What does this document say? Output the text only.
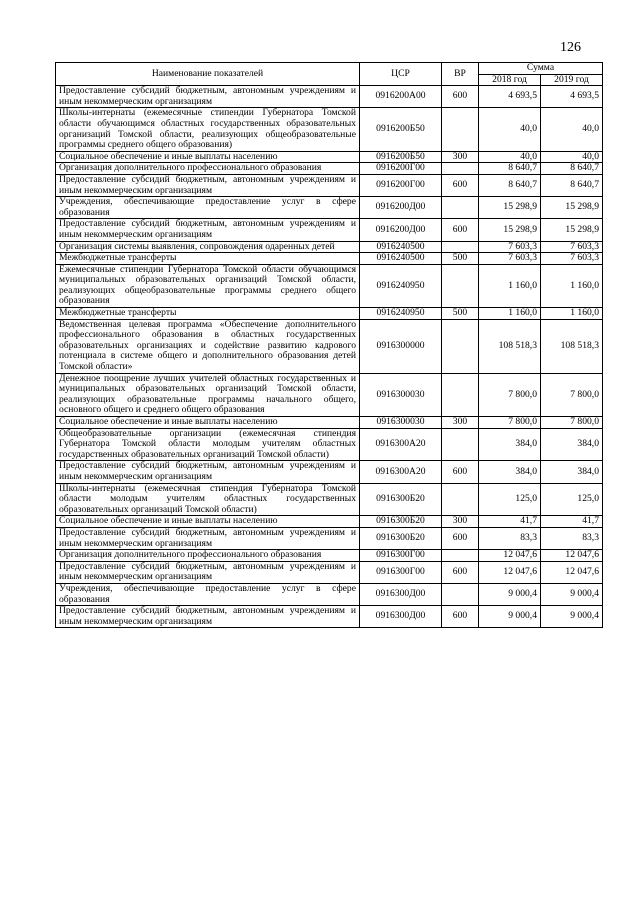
126
Наименование показателей	ЦСР	ВР	Сумма	
			2018 год	2019 год
Предоставление субсидий бюджетным, автономным учреждениям и иным некоммерческим организациям	0916200А00	600	4 693,5	4 693,5
Школы-интернаты (ежемесячные стипендии Губернатора Томской области обучающимся областных государственных образовательных организаций Томской области, реализующих общеобразовательные программы среднего общего образования)	0916200Б50		40,0	40,0
Социальное обеспечение и иные выплаты населению	0916200Б50	300	40,0	40,0
Организация дополнительного профессионального образования	0916200Г00		8 640,7	8 640,7
Предоставление субсидий бюджетным, автономным учреждениям и иным некоммерческим организациям	0916200Г00	600	8 640,7	8 640,7
Учреждения, обеспечивающие предоставление услуг в сфере образования	0916200Д00		15 298,9	15 298,9
Предоставление субсидий бюджетным, автономным учреждениям и иным некоммерческим организациям	0916200Д00	600	15 298,9	15 298,9
Организация системы выявления, сопровождения одаренных детей	0916240500		7 603,3	7 603,3
Межбюджетные трансферты	0916240500	500	7 603,3	7 603,3
Ежемесячные стипендии Губернатора Томской области обучающимся муниципальных образовательных организаций Томской области, реализующих общеобразовательные программы среднего общего образования	0916240950		1 160,0	1 160,0
Межбюджетные трансферты	0916240950	500	1 160,0	1 160,0
Ведомственная целевая программа «Обеспечение дополнительного профессионального образования в областных государственных образовательных организациях и содействие развитию кадрового потенциала в системе общего и дополнительного образования детей Томской области»	0916300000		108 518,3	108 518,3
Денежное поощрение лучших учителей областных государственных и муниципальных образовательных организаций Томской области, реализующих образовательные программы начального общего, основного общего и среднего общего образования	0916300030		7 800,0	7 800,0
Социальное обеспечение и иные выплаты населению	0916300030	300	7 800,0	7 800,0
Общеобразовательные организации (ежемесячная стипендия Губернатора Томской области молодым учителям областных государственных образовательных организаций Томской области)	0916300А20		384,0	384,0
Предоставление субсидий бюджетным, автономным учреждениям и иным некоммерческим организациям	0916300А20	600	384,0	384,0
Школы-интернаты (ежемесячная стипендия Губернатора Томской области молодым учителям областных государственных образовательных организаций Томской области)	0916300Б20		125,0	125,0
Социальное обеспечение и иные выплаты населению	0916300Б20	300	41,7	41,7
Предоставление субсидий бюджетным, автономным учреждениям и иным некоммерческим организациям	0916300Б20	600	83,3	83,3
Организация дополнительного профессионального образования	0916300Г00		12 047,6	12 047,6
Предоставление субсидий бюджетным, автономным учреждениям и иным некоммерческим организациям	0916300Г00	600	12 047,6	12 047,6
Учреждения, обеспечивающие предоставление услуг в сфере образования	0916300Д00		9 000,4	9 000,4
Предоставление субсидий бюджетным, автономным учреждениям и иным некоммерческим организациям	0916300Д00	600	9 000,4	9 000,4
